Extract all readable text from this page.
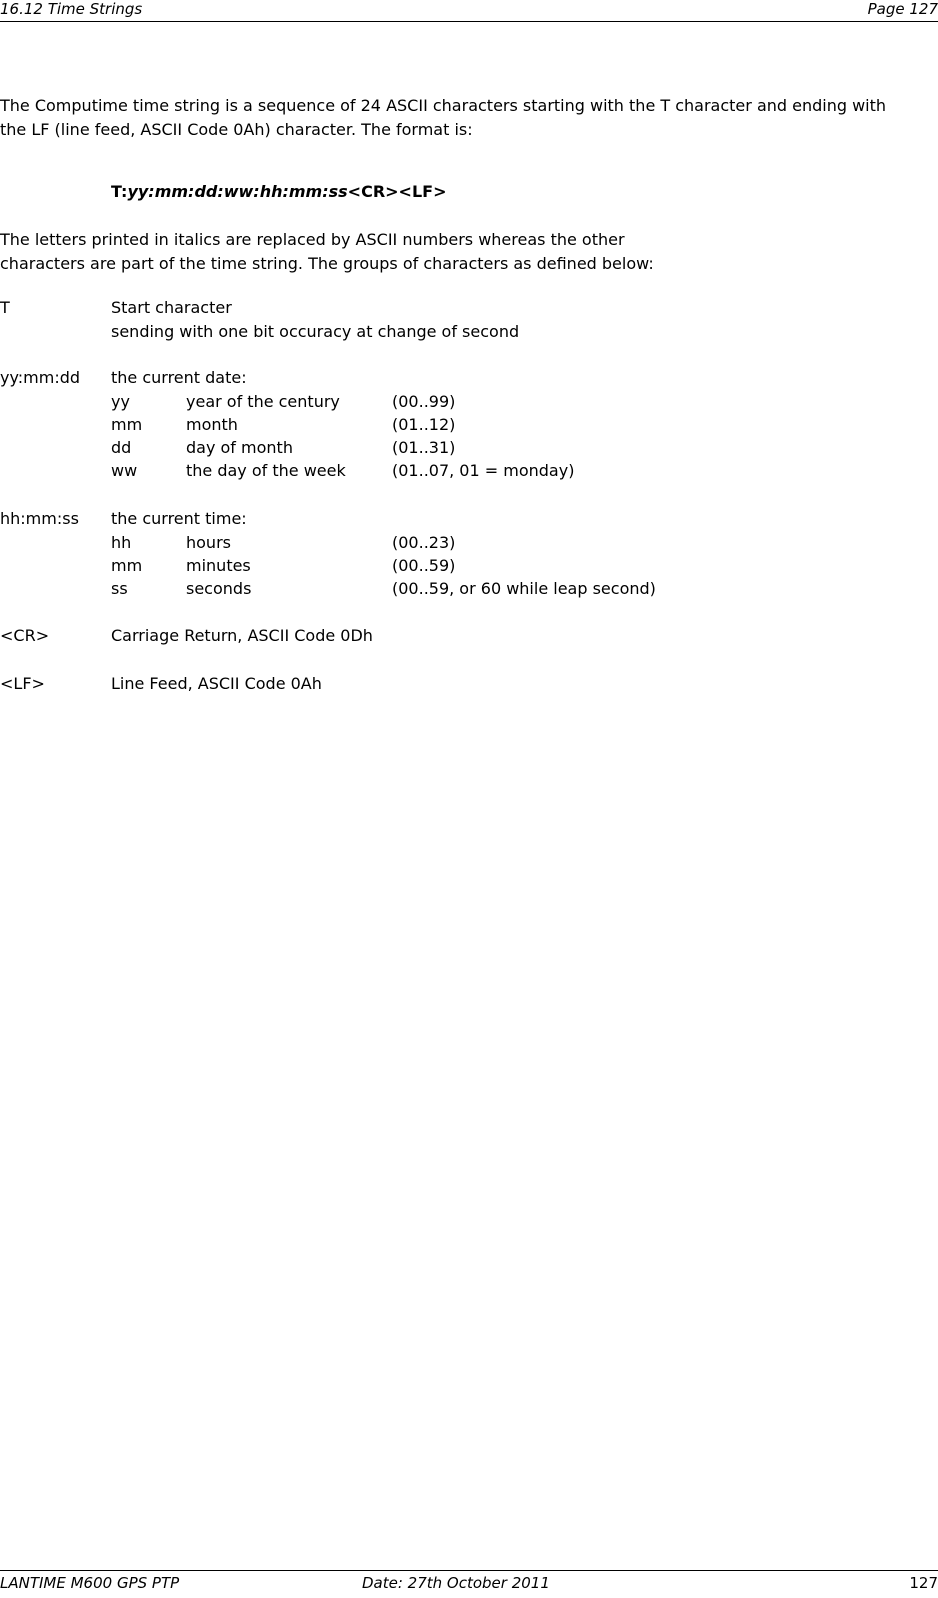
16.12 Time Strings	Page 127
The Computime time string is a sequence of 24 ASCII characters starting with the T character and ending with
the LF (line feed, ASCII Code 0Ah) character. The format is:
T:yy:mm:dd:ww:hh:mm:ss<CR><LF>
The letters printed in italics are replaced by ASCII numbers whereas the other
characters are part of the time string. The groups of characters as defined below:
T	Start character
sending with one bit occuracy at change of second
yy:mm:dd the current date:
yy	year of the century	(00..99)
mm	month	(01..12)
dd	day of month	(01..31)
ww	the day of the week	(01..07, 01 = monday)
hh:mm:ss the current time:
hh	hours	(00..23)
mm	minutes	(00..59)
ss	seconds	(00..59, or 60 while leap second)
<CR>	Carriage Return, ASCII Code 0Dh
<LF>	Line Feed, ASCII Code 0Ah
LANTIME M600 GPS PTP	Date: 27th October 2011	127
